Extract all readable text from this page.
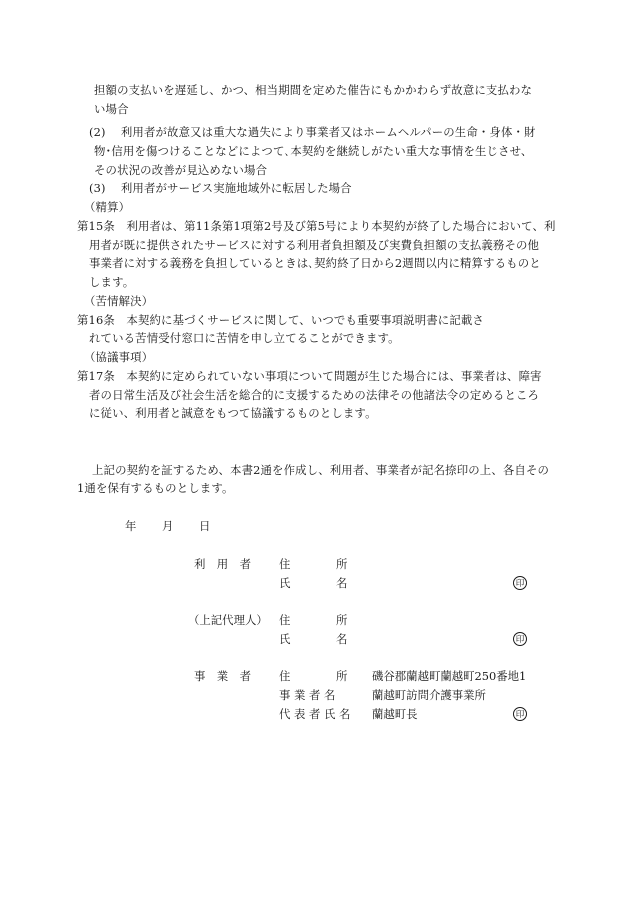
担額の支払いを遅延し、かつ、相当期間を定めた催告にもかかわらず故意に支払わな
い場合
(2)　 利用者が故意又は重大な過失により事業者又はホームヘルパーの生命・身体・財
物･信用を傷つけることなどによつて､本契約を継続しがたい重大な事情を生じさせ、
その状況の改善が見込めない場合
(3)　 利用者がサービス実施地域外に転居した場合
（精算）
第15条　利用者は、第11条第1項第2号及び第5号により本契約が終了した場合において、利
用者が既に提供されたサービスに対する利用者負担額及び実費負担額の支払義務その他
事業者に対する義務を負担しているときは､契約終了日から2週間以内に精算するものと
します。
（苦情解決）
第16条　本契約に基づくサービスに関して、いつでも重要事項説明書に記載さ
れている苦情受付窓口に苦情を申し立てることができます。
（協議事項）
第17条　本契約に定められていない事項について問題が生じた場合には、事業者は、障害
者の日常生活及び社会生活を総合的に支援するための法律その他諸法令の定めるところ
に従い、利用者と誠意をもつて協議するものとします。
上記の契約を証するため、本書2通を作成し、利用者、事業者が記名捺印の上、各自その
1通を保有するものとします。
年 月 日
利　用　者 住　　　　所
氏　　　　名	印
（上記代理人） 住　　　　所
氏　　　　名	印
事　業　者 住　　　　所 磯谷郡蘭越町蘭越町250番地1
事 業 者 名	蘭越町訪問介護事業所
代 表 者 氏 名 蘭越町長	印
